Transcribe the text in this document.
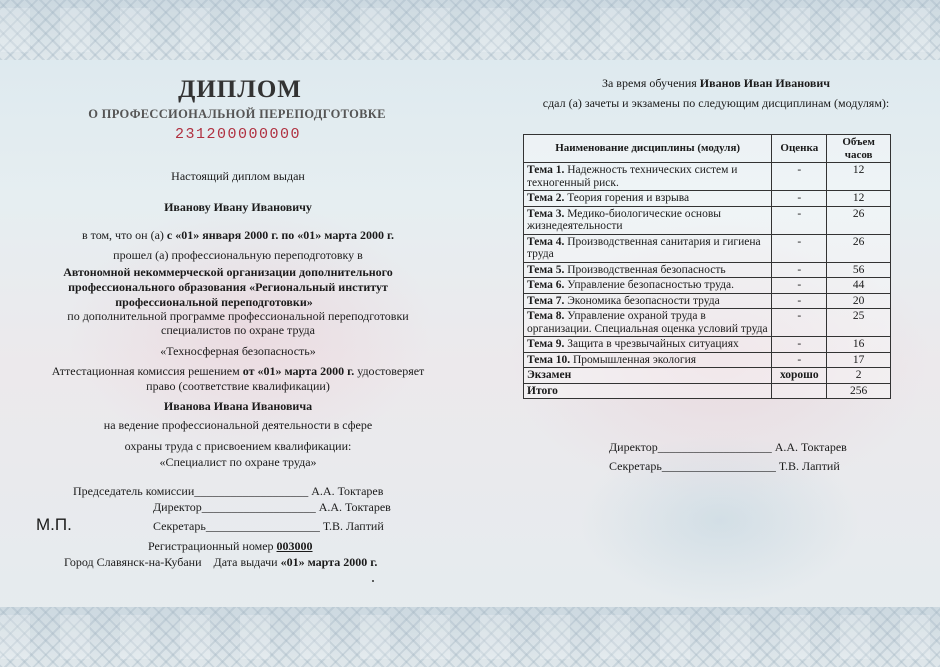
ДИПЛОМ
О ПРОФЕССИОНАЛЬНОЙ ПЕРЕПОДГОТОВКЕ
231200000000
Настоящий диплом выдан
Иванову Ивану Ивановичу
в том, что он (а) с «01» января 2000 г. по «01» марта 2000 г.
прошел (а) профессиональную переподготовку в
Автономной некоммерческой организации дополнительного
профессионального образования «Региональный институт
профессиональной переподготовки»
по дополнительной программе профессиональной переподготовки
специалистов по охране труда
«Техносферная безопасность»
Аттестационная комиссия решением от «01» марта 2000 г. удостоверяет
право (соответствие квалификации)
Иванова Ивана Ивановича
на ведение профессиональной деятельности в сфере
охраны труда с присвоением квалификации:
«Специалист по охране труда»
Председатель комиссии___________________ А.А. Токтарев
Директор___________________ А.А. Токтарев
М.П.	Секретарь___________________ Т.В. Лаптий
Регистрационный номер 003000
Город Славянск-на-Кубани Дата выдачи «01» марта 2000 г.
За время обучения Иванов Иван Иванович
сдал (а) зачеты и экзамены по следующим дисциплинам (модулям):
Наименование дисциплины (модуля)	Оценка	Объем часов
Тема 1. Надежность технических систем и техногенный риск.	-	12
Тема 2. Теория горения и взрыва	-	12
Тема 3. Медико-биологические основы жизнедеятельности	-	26
Тема 4. Производственная санитария и гигиена труда	-	26
Тема 5. Производственная безопасность	-	56
Тема 6. Управление безопасностью труда.	-	44
Тема 7. Экономика безопасности труда	-	20
Тема 8. Управление охраной труда в организации. Специальная оценка условий труда	-	25
Тема 9. Защита в чрезвычайных ситуациях	-	16
Тема 10. Промышленная экология	-	17
Экзамен	хорошо	2
Итого		256
Директор___________________ А.А. Токтарев
Секретарь___________________ Т.В. Лаптий
